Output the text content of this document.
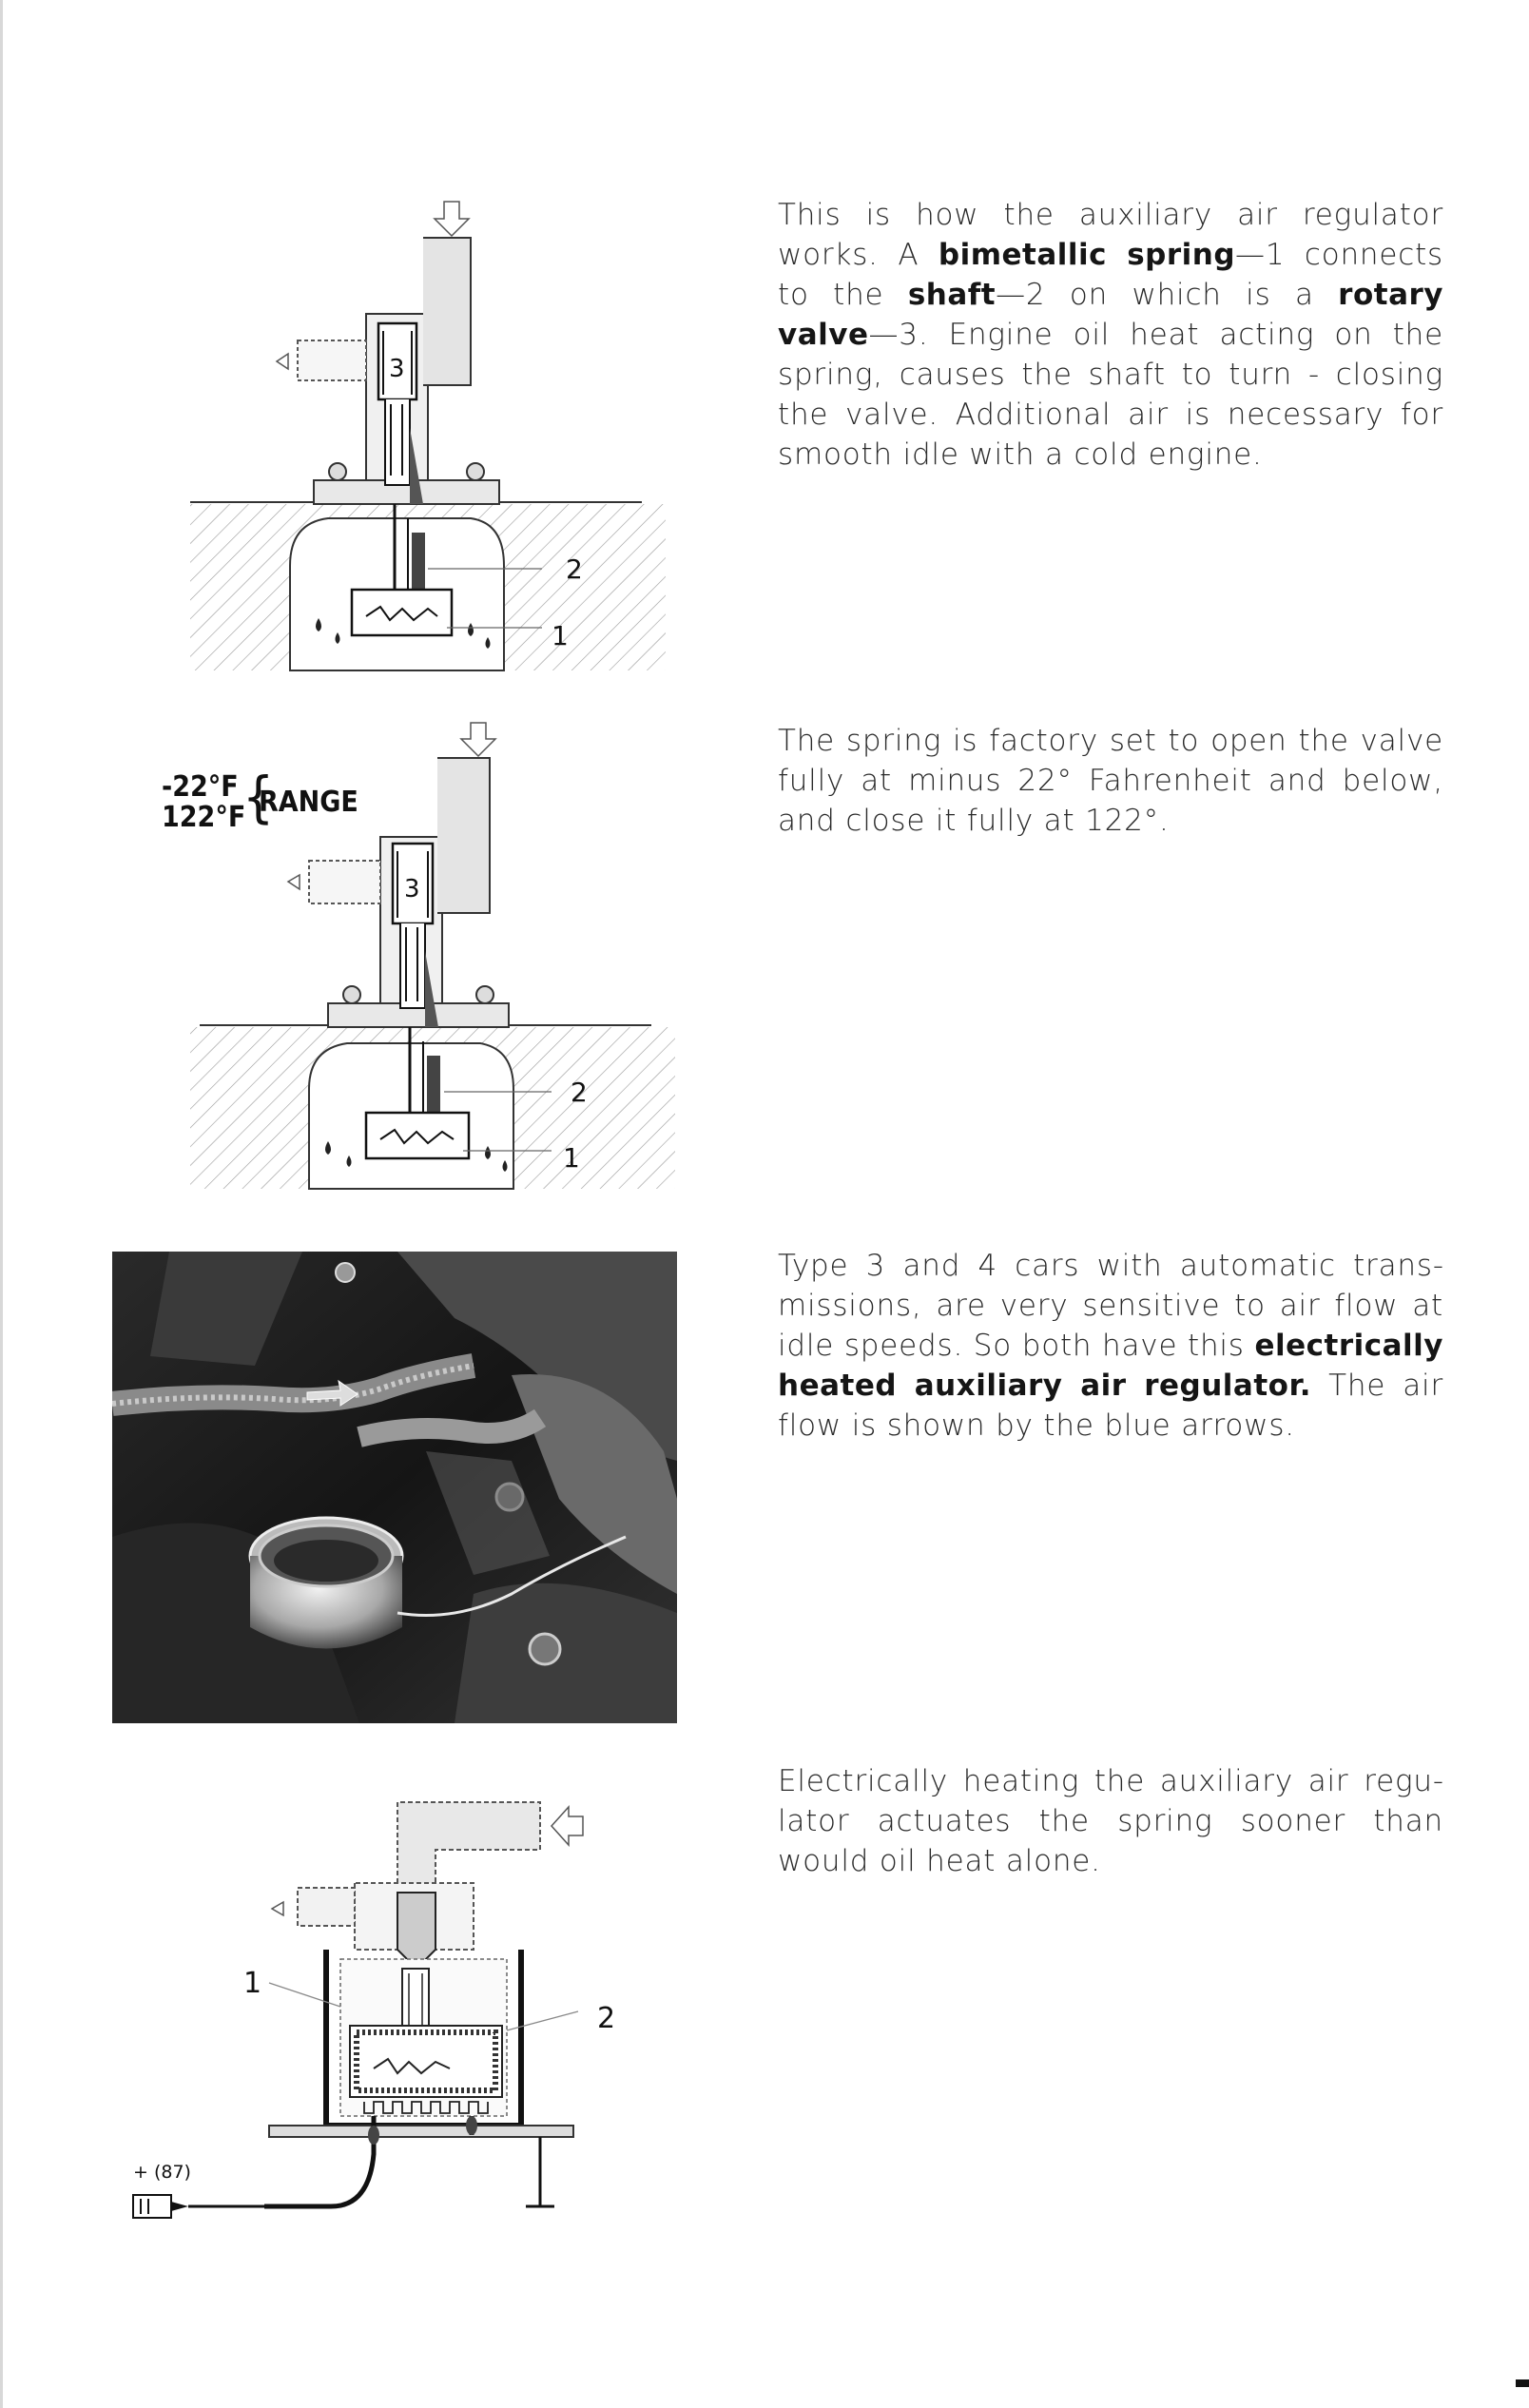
3
2
1
This is how the auxiliary air regulator works. A bimetallic spring—1 connects to the shaft—2 on which is a rotary valve—3. Engine oil heat acting on the spring, causes the shaft to turn - closing the valve. Additional air is necessary for smooth idle with a cold engine.
3
2
1
-22°F
122°F
{
RANGE
The spring is factory set to open the valve fully at minus 22° Fahrenheit and below, and close it fully at 122°.
Type 3 and 4 cars with automatic transmissions, are very sensitive to air flow at idle speeds. So both have this electrically heated auxiliary air regulator. The air flow is shown by the blue arrows.
1
2
+ (87)
Electrically heating the auxiliary air regulator actuates the spring sooner than would oil heat alone.
